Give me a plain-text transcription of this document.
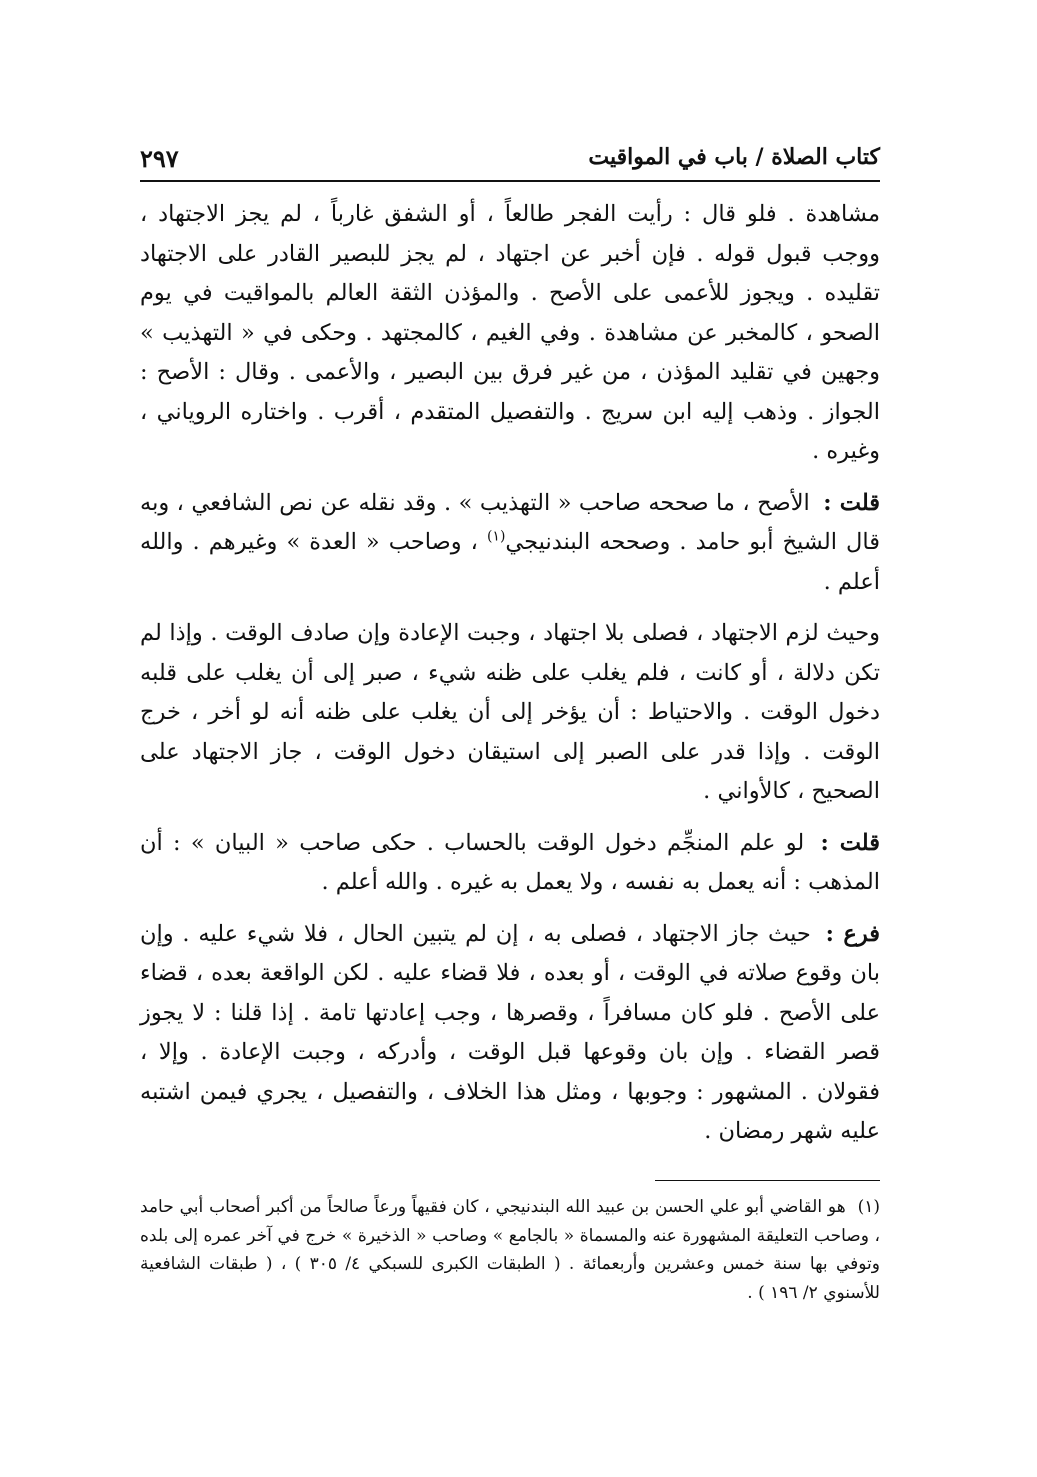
كتاب الصلاة / باب في المواقيت
٢٩٧

مشاهدة . فلو قال : رأيت الفجر طالعاً ، أو الشفق غارباً ، لم يجز الاجتهاد ، ووجب قبول قوله . فإن أخبر عن اجتهاد ، لم يجز للبصير القادر على الاجتهاد تقليده . ويجوز للأعمى على الأصح . والمؤذن الثقة العالم بالمواقيت في يوم الصحو ، كالمخبر عن مشاهدة . وفي الغيم ، كالمجتهد . وحكى في « التهذيب » وجهين في تقليد المؤذن ، من غير فرق بين البصير ، والأعمى . وقال : الأصح : الجواز . وذهب إليه ابن سريج . والتفصيل المتقدم ، أقرب . واختاره الروياني ، وغيره .

قلت : الأصح ، ما صححه صاحب « التهذيب » . وقد نقله عن نص الشافعي ، وبه قال الشيخ أبو حامد . وصححه البندنيجي$^{(١)}$ ، وصاحب « العدة » وغيرهم . والله أعلم .

وحيث لزم الاجتهاد ، فصلى بلا اجتهاد ، وجبت الإعادة وإن صادف الوقت . وإذا لم تكن دلالة ، أو كانت ، فلم يغلب على ظنه شيء ، صبر إلى أن يغلب على قلبه دخول الوقت . والاحتياط : أن يؤخر إلى أن يغلب على ظنه أنه لو أخر ، خرج الوقت . وإذا قدر على الصبر إلى استيقان دخول الوقت ، جاز الاجتهاد على الصحيح ، كالأواني .

قلت : لو علم المنجِّم دخول الوقت بالحساب . حكى صاحب « البيان » : أن المذهب : أنه يعمل به نفسه ، ولا يعمل به غيره . والله أعلم .

فرع : حيث جاز الاجتهاد ، فصلى به ، إن لم يتبين الحال ، فلا شيء عليه . وإن بان وقوع صلاته في الوقت ، أو بعده ، فلا قضاء عليه . لكن الواقعة بعده ، قضاء على الأصح . فلو كان مسافراً ، وقصرها ، وجب إعادتها تامة . إذا قلنا : لا يجوز قصر القضاء . وإن بان وقوعها قبل الوقت ، وأدركه ، وجبت الإعادة . وإلا ، فقولان . المشهور : وجوبها ، ومثل هذا الخلاف ، والتفصيل ، يجري فيمن اشتبه عليه شهر رمضان .

(١) هو القاضي أبو علي الحسن بن عبيد الله البندنيجي ، كان فقيهاً ورعاً صالحاً من أكبر أصحاب أبي حامد ، وصاحب التعليقة المشهورة عنه والمسماة « بالجامع » وصاحب « الذخيرة » خرج في آخر عمره إلى بلده وتوفي بها سنة خمس وعشرين وأربعمائة . ( الطبقات الكبرى للسبكي ٤/ ٣٠٥ ) ، ( طبقات الشافعية للأسنوي ٢/ ١٩٦ ) .
